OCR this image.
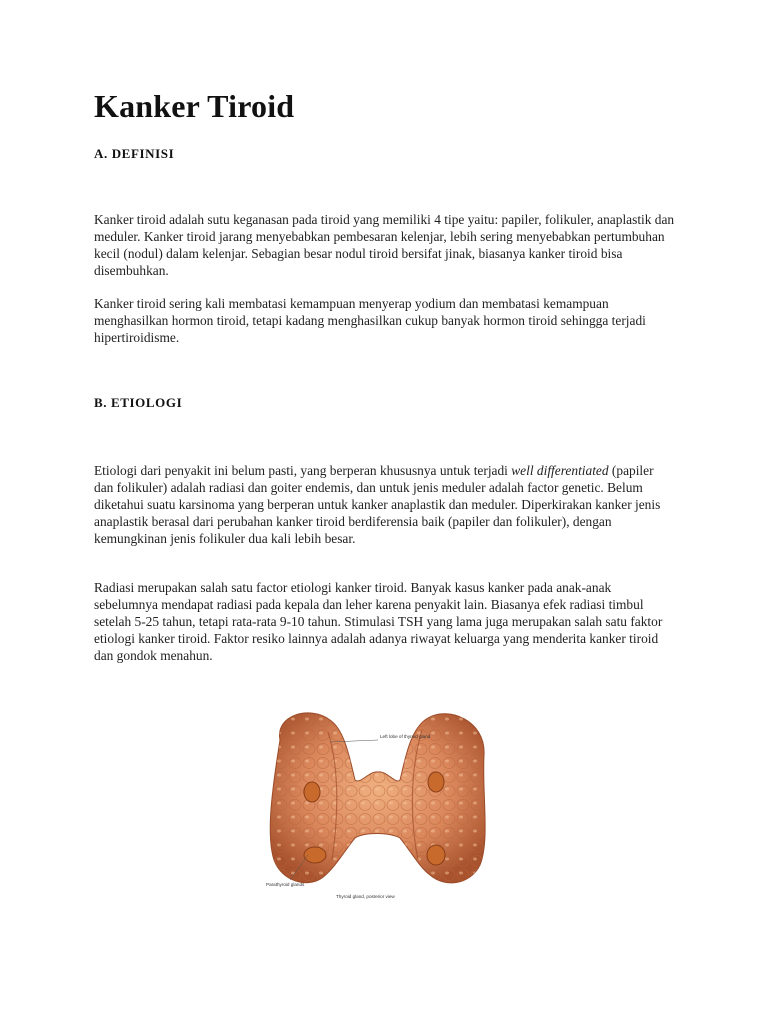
Kanker Tiroid
A. DEFINISI

Kanker tiroid adalah sutu keganasan pada tiroid yang memiliki 4 tipe yaitu: papiler, folikuler, anaplastik dan meduler. Kanker tiroid jarang menyebabkan pembesaran kelenjar, lebih sering menyebabkan pertumbuhan kecil (nodul) dalam kelenjar. Sebagian besar nodul tiroid bersifat jinak, biasanya kanker tiroid bisa disembuhkan.

Kanker tiroid sering kali membatasi kemampuan menyerap yodium dan membatasi kemampuan menghasilkan hormon tiroid, tetapi kadang menghasilkan cukup banyak hormon tiroid sehingga terjadi hipertiroidisme.

B. ETIOLOGI

Etiologi dari penyakit ini belum pasti, yang berperan khususnya untuk terjadi well differentiated (papiler dan folikuler) adalah radiasi dan goiter endemis, dan untuk jenis meduler adalah factor genetic. Belum diketahui suatu karsinoma yang berperan untuk kanker anaplastik dan meduler. Diperkirakan kanker jenis anaplastik berasal dari perubahan kanker tiroid berdiferensia baik (papiler dan folikuler), dengan kemungkinan jenis folikuler dua kali lebih besar.

Radiasi merupakan salah satu factor etiologi kanker tiroid. Banyak kasus kanker pada anak-anak sebelumnya mendapat radiasi pada kepala dan leher karena penyakit lain. Biasanya efek radiasi timbul setelah 5-25 tahun, tetapi rata-rata 9-10 tahun. Stimulasi TSH yang lama juga merupakan salah satu faktor etiologi kanker tiroid. Faktor resiko lainnya adalah adanya riwayat keluarga yang menderita kanker tiroid dan gondok menahun.

Left lobe of thyroid gland
Parathyroid glands
Thyroid gland, posterior view
